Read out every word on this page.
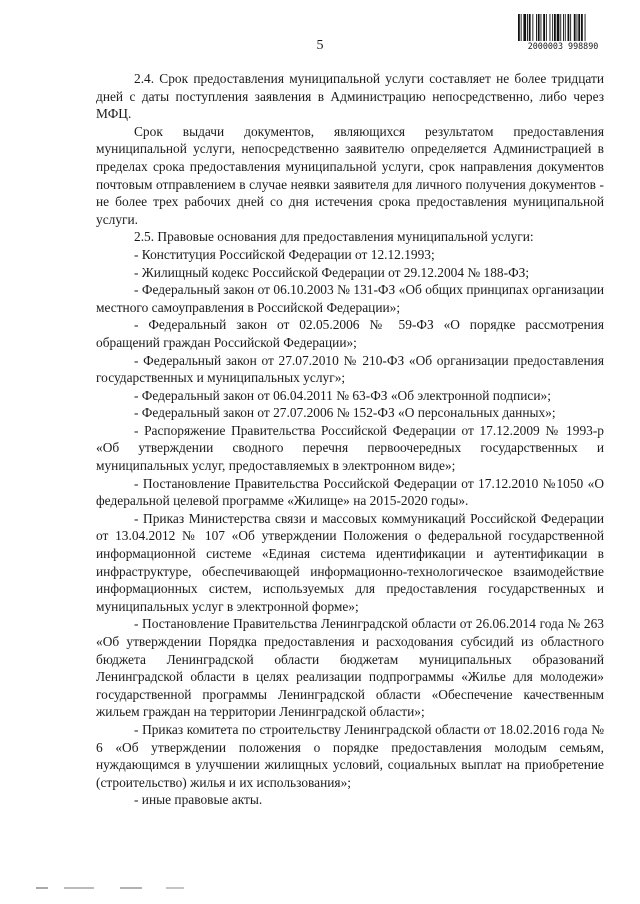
5	2000003 998890

2.4. Срок предоставления муниципальной услуги составляет не более тридцати дней с даты поступления заявления в Администрацию непосредственно, либо через МФЦ.

Срок выдачи документов, являющихся результатом предоставления муниципальной услуги, непосредственно заявителю определяется Администрацией в пределах срока предоставления муниципальной услуги, срок направления документов почтовым отправлением в случае неявки заявителя для личного получения документов - не более трех рабочих дней со дня истечения срока предоставления муниципальной услуги.

2.5. Правовые основания для предоставления муниципальной услуги:

- Конституция Российской Федерации от 12.12.1993;

- Жилищный кодекс Российской Федерации от 29.12.2004 № 188-ФЗ;

- Федеральный закон от 06.10.2003 № 131-ФЗ «Об общих принципах организации местного самоуправления в Российской Федерации»;

- Федеральный закон от 02.05.2006 № 59-ФЗ «О порядке рассмотрения обращений граждан Российской Федерации»;

- Федеральный закон от 27.07.2010 № 210-ФЗ «Об организации предоставления государственных и муниципальных услуг»;

- Федеральный закон от 06.04.2011 № 63-ФЗ «Об электронной подписи»;

- Федеральный закон от 27.07.2006 № 152-ФЗ «О персональных данных»;

- Распоряжение Правительства Российской Федерации от 17.12.2009 № 1993-р «Об утверждении сводного перечня первоочередных государственных и муниципальных услуг, предоставляемых в электронном виде»;

- Постановление Правительства Российской Федерации от 17.12.2010 №1050 «О федеральной целевой программе «Жилище» на 2015-2020 годы».

- Приказ Министерства связи и массовых коммуникаций Российской Федерации от 13.04.2012 № 107 «Об утверждении Положения о федеральной государственной информационной системе «Единая система идентификации и аутентификации в инфраструктуре, обеспечивающей информационно-технологическое взаимодействие информационных систем, используемых для предоставления государственных и муниципальных услуг в электронной форме»;

- Постановление Правительства Ленинградской области от 26.06.2014 года № 263 «Об утверждении Порядка предоставления и расходования субсидий из областного бюджета Ленинградской области бюджетам муниципальных образований Ленинградской области в целях реализации подпрограммы «Жилье для молодежи» государственной программы Ленинградской области «Обеспечение качественным жильем граждан на территории Ленинградской области»;

- Приказ комитета по строительству Ленинградской области от 18.02.2016 года № 6 «Об утверждении положения о порядке предоставления молодым семьям, нуждающимся в улучшении жилищных условий, социальных выплат на приобретение (строительство) жилья и их использования»;

- иные правовые акты.
